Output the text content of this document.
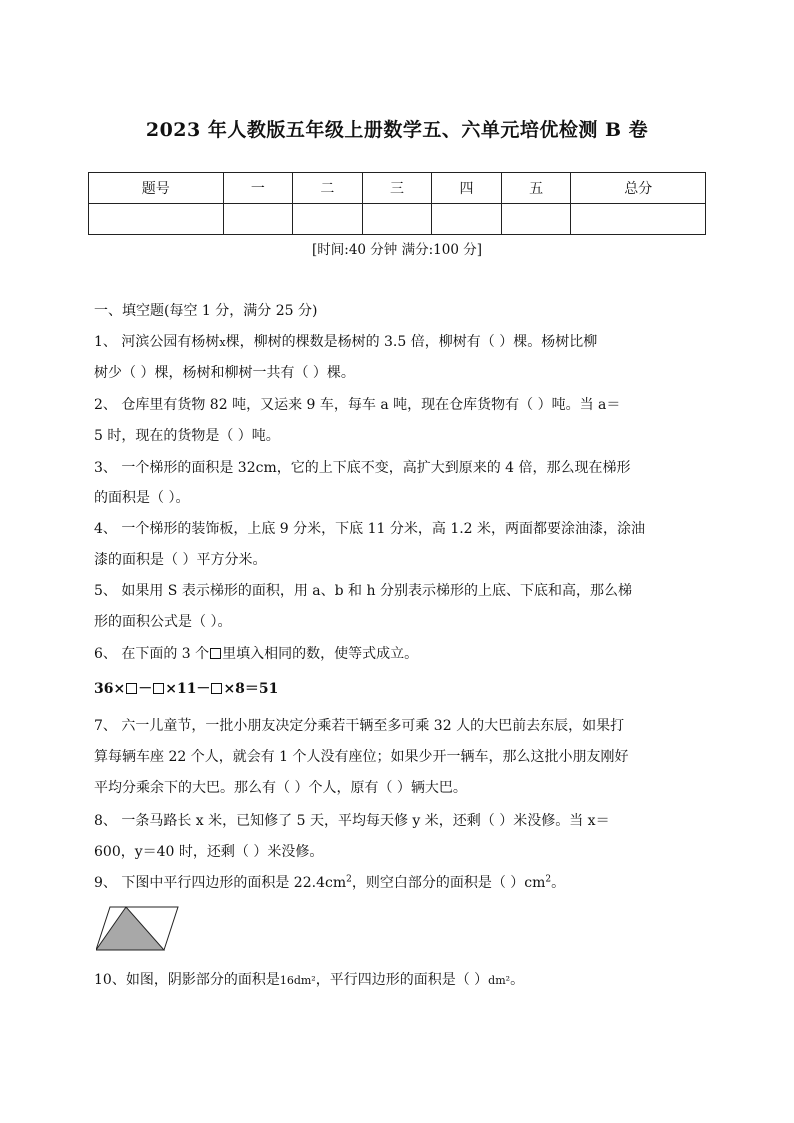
2023 年人教版五年级上册数学五、六单元培优检测 B 卷
题号	一	二	三	四	五	总分

[时间:40 分钟 满分:100 分]
一、填空题(每空 1 分，满分 25 分)
1、 河滨公园有杨树x棵，柳树的棵数是杨树的 3.5 倍，柳树有（ ）棵。杨树比柳
树少（ ）棵，杨树和柳树一共有（ ）棵。
2、 仓库里有货物 82 吨，又运来 9 车，每车 a 吨，现在仓库货物有（ ）吨。当 a＝
5 时，现在的货物是（ ）吨。
3、 一个梯形的面积是 32cm，它的上下底不变，高扩大到原来的 4 倍，那么现在梯形
的面积是（ ）。
4、 一个梯形的装饰板，上底 9 分米，下底 11 分米，高 1.2 米，两面都要涂油漆，涂油
漆的面积是（ ）平方分米。
5、 如果用 S 表示梯形的面积，用 a、b 和 h 分别表示梯形的上底、下底和高，那么梯
形的面积公式是（ ）。
6、 在下面的 3 个 里填入相同的数，使等式成立。
36× － ×11－ ×8＝51
7、 六一儿童节，一批小朋友决定分乘若干辆至多可乘 32 人的大巴前去东辰，如果打
算每辆车座 22 个人，就会有 1 个人没有座位；如果少开一辆车，那么这批小朋友刚好
平均分乘余下的大巴。那么有（ ）个人，原有（ ）辆大巴。
8、 一条马路长 x 米，已知修了 5 天，平均每天修 y 米，还剩（ ）米没修。当 x＝
600，y＝40 时，还剩（ ）米没修。
9、 下图中平行四边形的面积是 $22.4cm^2$，则空白部分的面积是（ ）$cm^2$。
10、如图，阴影部分的面积是16dm²，平行四边形的面积是（ ）dm²。
